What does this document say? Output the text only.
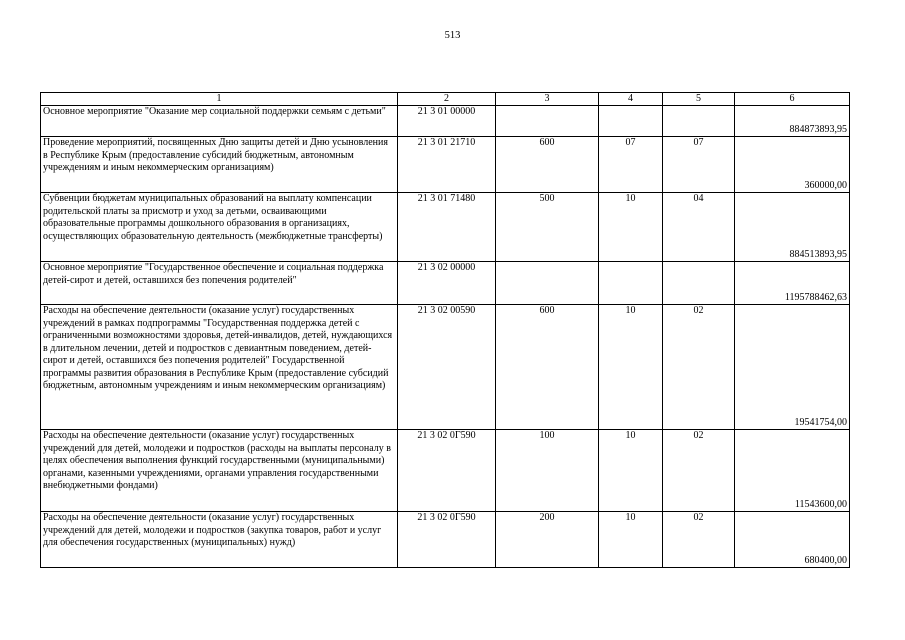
513
1	2	3	4	5	6
Основное мероприятие "Оказание мер социальной поддержки семьям с детьми"	21 3 01 00000				884873893,95
Проведение мероприятий, посвященных Дню защиты детей и Дню усыновления в Республике Крым (предоставление субсидий бюджетным, автономным учреждениям и иным некоммерческим организациям)	21 3 01 21710	600	07	07	360000,00
Субвенции бюджетам муниципальных образований на выплату компенсации родительской платы за присмотр и уход за детьми, осваивающими образовательные программы дошкольного образования в организациях, осуществляющих образовательную деятельность (межбюджетные трансферты)	21 3 01 71480	500	10	04	884513893,95
Основное мероприятие "Государственное обеспечение и социальная поддержка детей-сирот и детей, оставшихся без попечения родителей"	21 3 02 00000				1195788462,63
Расходы на обеспечение деятельности (оказание услуг) государственных учреждений в рамках подпрограммы "Государственная поддержка детей с ограниченными возможностями здоровья, детей-инвалидов, детей, нуждающихся в длительном лечении, детей и подростков с девиантным поведением, детей-сирот и детей, оставшихся без попечения родителей" Государственной программы развития образования в Республике Крым (предоставление субсидий бюджетным, автономным учреждениям и иным некоммерческим организациям)	21 3 02 00590	600	10	02	19541754,00
Расходы на обеспечение деятельности (оказание услуг) государственных учреждений для детей, молодежи и подростков (расходы на выплаты персоналу в целях обеспечения выполнения функций государственными (муниципальными) органами, казенными учреждениями, органами управления государственными внебюджетными фондами)	21 3 02 0Г590	100	10	02	11543600,00
Расходы на обеспечение деятельности (оказание услуг) государственных учреждений для детей, молодежи и подростков (закупка товаров, работ и услуг для обеспечения государственных (муниципальных) нужд)	21 3 02 0Г590	200	10	02	680400,00
